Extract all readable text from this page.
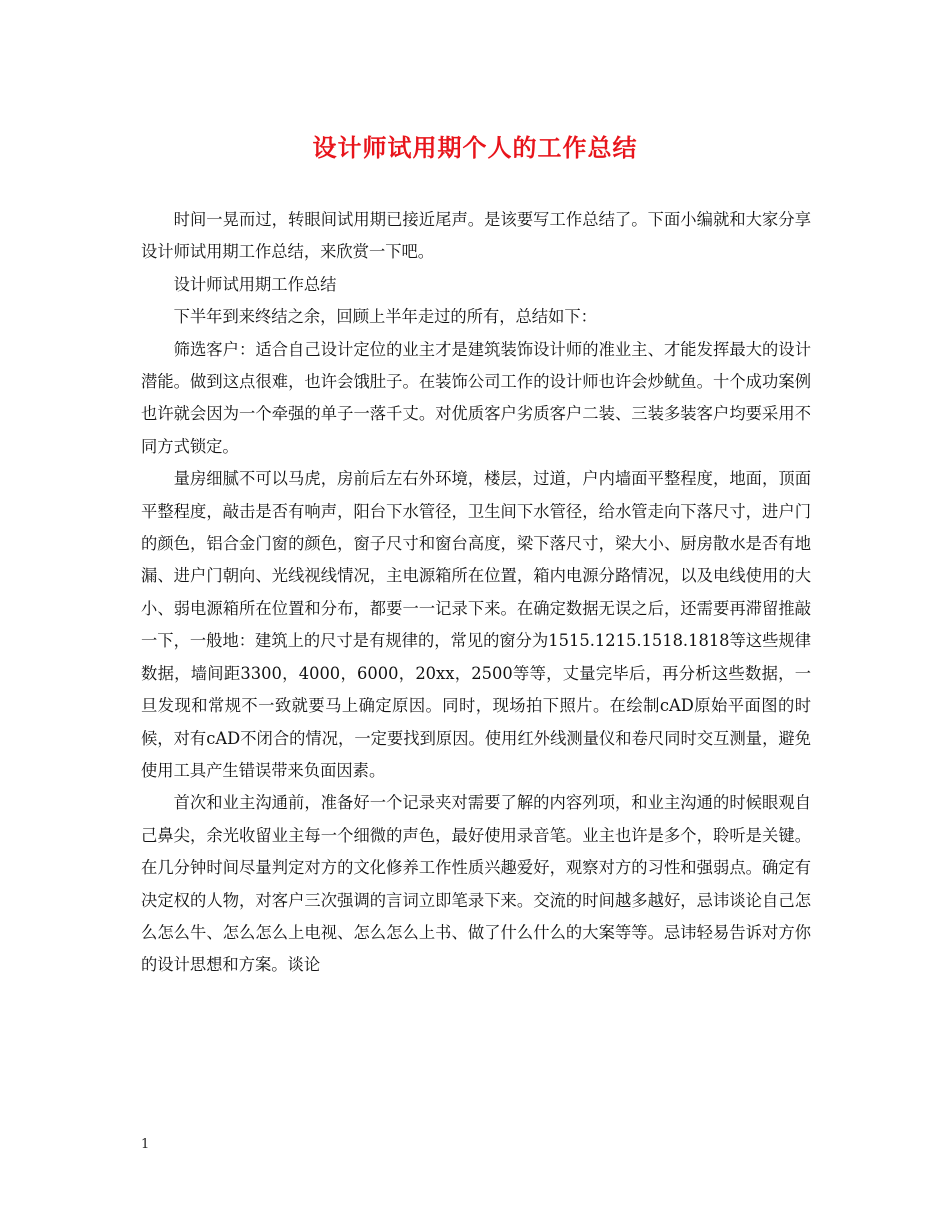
设计师试用期个人的工作总结

时间一晃而过，转眼间试用期已接近尾声。是该要写工作总结了。下面小编就和大家分享设计师试用期工作总结，来欣赏一下吧。

设计师试用期工作总结

下半年到来终结之余，回顾上半年走过的所有，总结如下：

筛选客户：适合自己设计定位的业主才是建筑装饰设计师的准业主、才能发挥最大的设计潜能。做到这点很难，也许会饿肚子。在装饰公司工作的设计师也许会炒鱿鱼。十个成功案例也许就会因为一个牵强的单子一落千丈。对优质客户劣质客户二装、三装多装客户均要采用不同方式锁定。

量房细腻不可以马虎，房前后左右外环境，楼层，过道，户内墙面平整程度，地面，顶面平整程度，敲击是否有响声，阳台下水管径，卫生间下水管径，给水管走向下落尺寸，进户门的颜色，铝合金门窗的颜色，窗子尺寸和窗台高度，梁下落尺寸，梁大小、厨房散水是否有地漏、进户门朝向、光线视线情况，主电源箱所在位置，箱内电源分路情况，以及电线使用的大小、弱电源箱所在位置和分布，都要一一记录下来。在确定数据无误之后，还需要再滞留推敲一下，一般地：建筑上的尺寸是有规律的，常见的窗分为1515.1215.1518.1818等这些规律数据，墙间距3300，4000，6000，20xx，2500等等，丈量完毕后，再分析这些数据，一旦发现和常规不一致就要马上确定原因。同时，现场拍下照片。在绘制cAD原始平面图的时候，对有cAD不闭合的情况，一定要找到原因。使用红外线测量仪和卷尺同时交互测量，避免使用工具产生错误带来负面因素。

首次和业主沟通前，准备好一个记录夹对需要了解的内容列项，和业主沟通的时候眼观自己鼻尖，余光收留业主每一个细微的声色，最好使用录音笔。业主也许是多个，聆听是关键。在几分钟时间尽量判定对方的文化修养工作性质兴趣爱好，观察对方的习性和强弱点。确定有决定权的人物，对客户三次强调的言词立即笔录下来。交流的时间越多越好，忌讳谈论自己怎么怎么牛、怎么怎么上电视、怎么怎么上书、做了什么什么的大案等等。忌讳轻易告诉对方你的设计思想和方案。谈论

1
